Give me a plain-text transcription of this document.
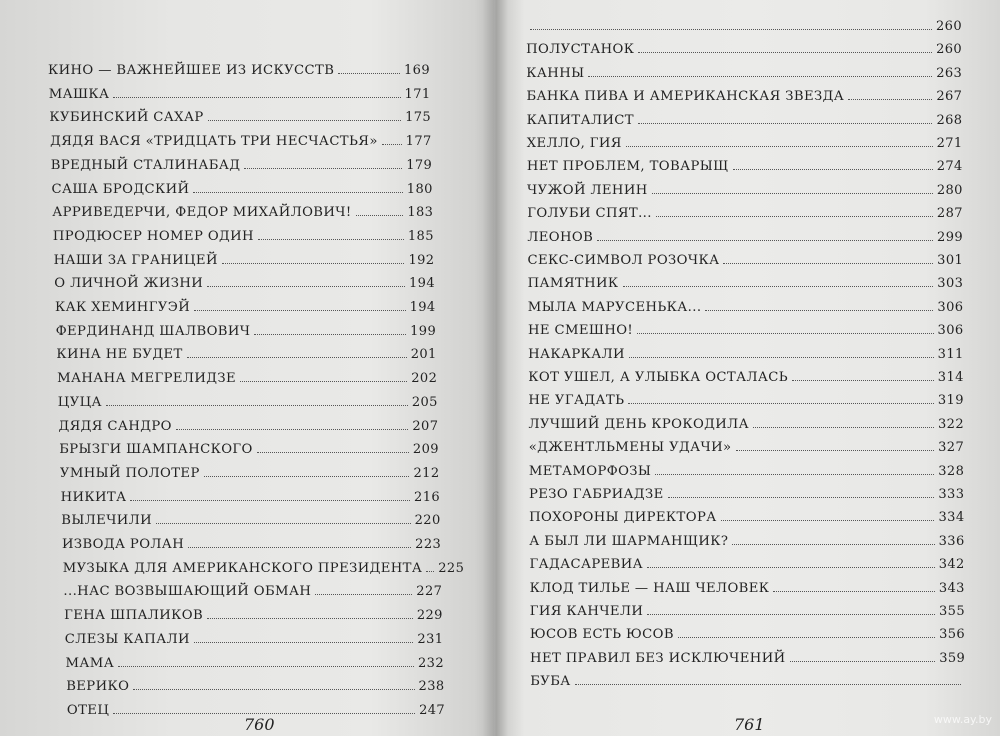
КИНО — ВАЖНЕЙШЕЕ ИЗ ИСКУССТВ	169
МАШКА	171
КУБИНСКИЙ САХАР	175
ДЯДЯ ВАСЯ «ТРИДЦАТЬ ТРИ НЕСЧАСТЬЯ» 177
ВРЕДНЫЙ СТАЛИНАБАД	179
САША БРОДСКИЙ	180
АРРИВЕДЕРЧИ, ФЕДОР МИХАЙЛОВИЧ!	183
ПРОДЮСЕР НОМЕР ОДИН	185
НАШИ ЗА ГРАНИЦЕЙ	192
О ЛИЧНОЙ ЖИЗНИ	194
КАК ХЕМИНГУЭЙ	194
ФЕРДИНАНД ШАЛВОВИЧ	199
КИНА НЕ БУДЕТ	201
МАНАНА МЕГРЕЛИДЗЕ	202
ЦУЦА	205
ДЯДЯ САНДРО	207
БРЫЗГИ ШАМПАНСКОГО	209
УМНЫЙ ПОЛОТЕР	212
НИКИТА	216
ВЫЛЕЧИЛИ	220
ИЗВОДА РОЛАН	223
МУЗЫКА ДЛЯ АМЕРИКАНСКОГО ПРЕЗИДЕНТА 225
...НАС ВОЗВЫШАЮЩИЙ ОБМАН	227
ГЕНА ШПАЛИКОВ	229
СЛЕЗЫ КАПАЛИ	231
МАМА	232
ВЕРИКО	238
ОТЕЦ	247
760
260
ПОЛУСТАНОК	260
КАННЫ	263
БАНКА ПИВА И АМЕРИКАНСКАЯ ЗВЕЗДА	267
КАПИТАЛИСТ	268
ХЕЛЛО, ГИЯ	271
НЕТ ПРОБЛЕМ, ТОВАРЫЩ	274
ЧУЖОЙ ЛЕНИН	280
ГОЛУБИ СПЯТ...	287
ЛЕОНОВ	299
СЕКС-СИМВОЛ РОЗОЧКА	301
ПАМЯТНИК	303
МЫЛА МАРУСЕНЬКА...	306
НЕ СМЕШНО!	306
НАКАРКАЛИ	311
КОТ УШЕЛ, А УЛЫБКА ОСТАЛАСЬ	314
НЕ УГАДАТЬ	319
ЛУЧШИЙ ДЕНЬ КРОКОДИЛА	322
«ДЖЕНТЛЬМЕНЫ УДАЧИ»	327
МЕТАМОРФОЗЫ	328
РЕЗО ГАБРИАДЗЕ	333
ПОХОРОНЫ ДИРЕКТОРА	334
А БЫЛ ЛИ ШАРМАНЩИК?	336
ГАДАСАРЕВИА	342
КЛОД ТИЛЬЕ — НАШ ЧЕЛОВЕК	343
ГИЯ КАНЧЕЛИ	355
ЮСОВ ЕСТЬ ЮСОВ	356
НЕТ ПРАВИЛ БЕЗ ИСКЛЮЧЕНИЙ	359
БУБА
761	www.ay.by
